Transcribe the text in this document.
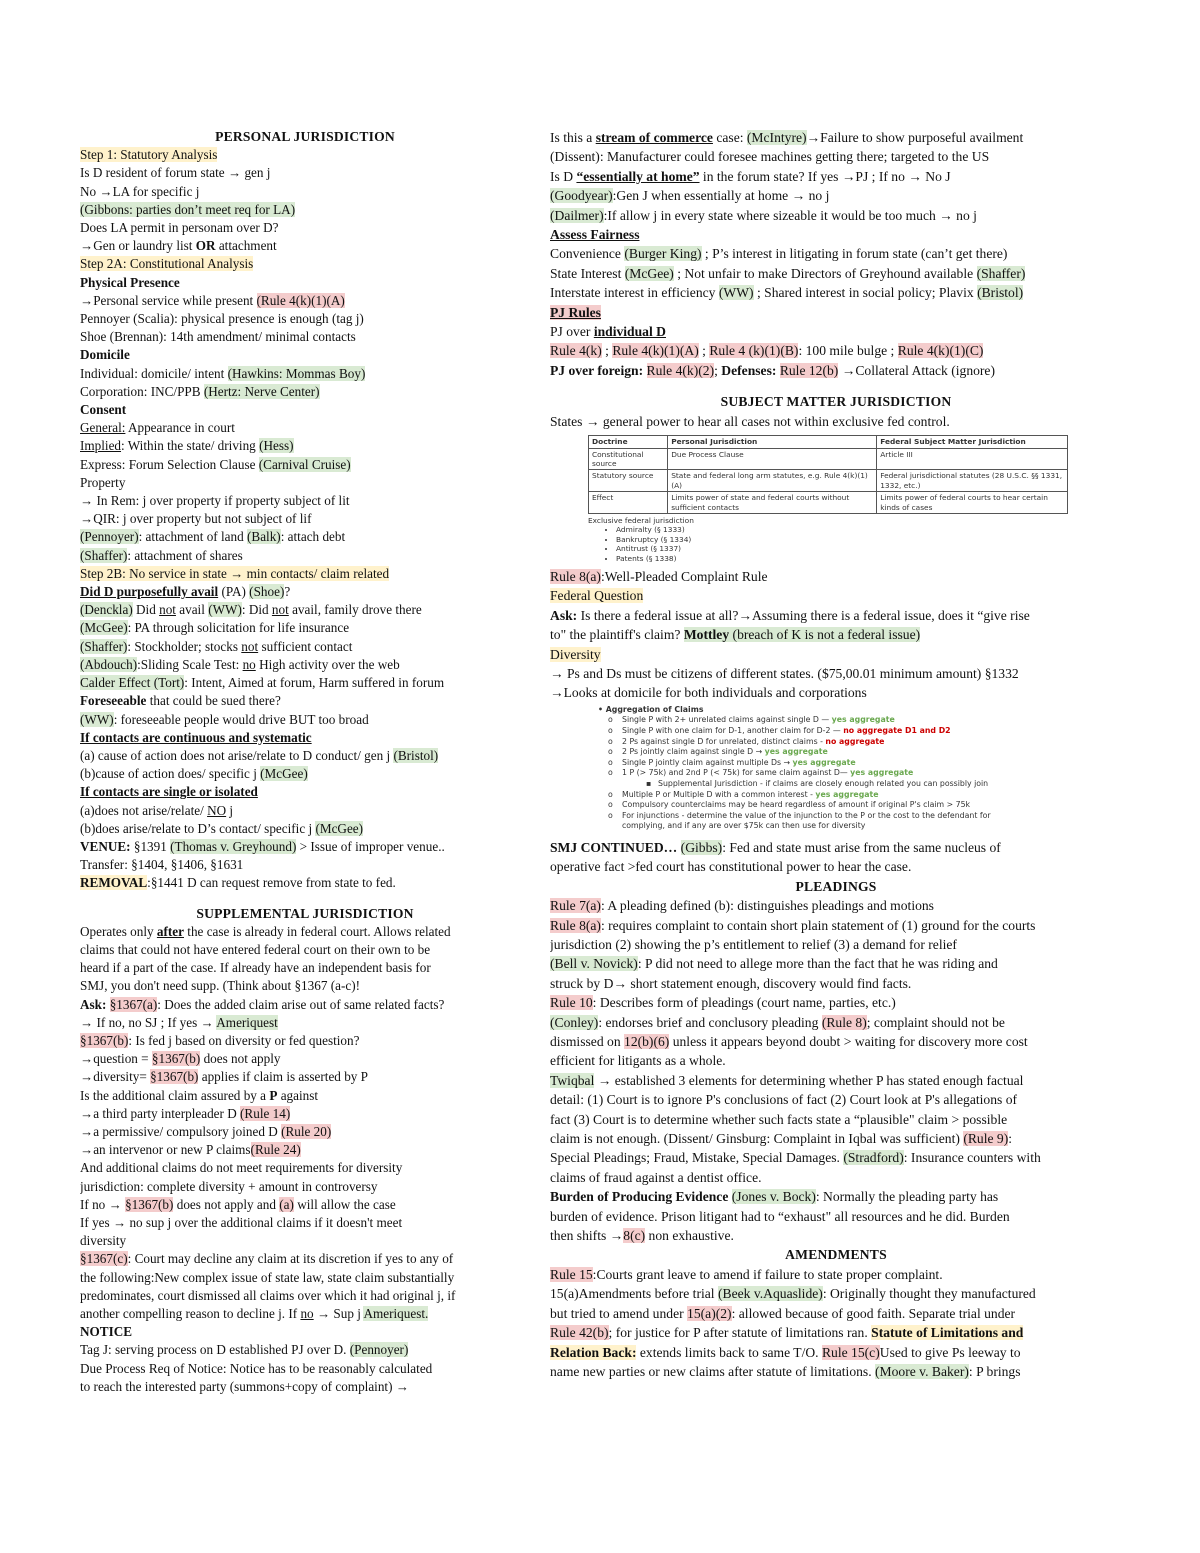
PERSONAL JURISDICTION
Step 1: Statutory Analysis
Is D resident of forum state → gen j
No →LA for specific j
(Gibbons: parties don’t meet req for LA)
Does LA permit in personam over D?
→Gen or laundry list OR attachment
Step 2A: Constitutional Analysis
Physical Presence
→Personal service while present (Rule 4(k)(1)(A)
Pennoyer (Scalia): physical presence is enough (tag j)
Shoe (Brennan): 14th amendment/ minimal contacts
Domicile
Individual: domicile/ intent (Hawkins: Mommas Boy)
Corporation: INC/PPB (Hertz: Nerve Center)
Consent
General: Appearance in court
Implied: Within the state/ driving (Hess)
Express: Forum Selection Clause (Carnival Cruise)
Property
→ In Rem: j over property if property subject of lit
→QIR: j over property but not subject of lif
(Pennoyer): attachment of land (Balk): attach debt
(Shaffer): attachment of shares
Step 2B: No service in state → min contacts/ claim related
Did D purposefully avail (PA) (Shoe)?
(Denckla) Did not avail (WW): Did not avail, family drove there
(McGee): PA through solicitation for life insurance
(Shaffer): Stockholder; stocks not sufficient contact
(Abdouch):Sliding Scale Test: no High activity over the web
Calder Effect (Tort): Intent, Aimed at forum, Harm suffered in forum
Foreseeable that could be sued there?
(WW): foreseeable people would drive BUT too broad
If contacts are continuous and systematic
(a) cause of action does not arise/relate to D conduct/ gen j (Bristol)
(b)cause of action does/ specific j (McGee)
If contacts are single or isolated
(a)does not arise/relate/ NO j
(b)does arise/relate to D’s contact/ specific j (McGee)
VENUE: §1391 (Thomas v. Greyhound) > Issue of improper venue..
Transfer: §1404, §1406, §1631
REMOVAL:§1441 D can request remove from state to fed.
SUPPLEMENTAL JURISDICTION
Operates only after the case is already in federal court. Allows related
claims that could not have entered federal court on their own to be
heard if a part of the case. If already have an independent basis for
SMJ, you don't need supp. (Think about §1367 (a-c)!
Ask: §1367(a): Does the added claim arise out of same related facts?
→ If no, no SJ ; If yes → Ameriquest
§1367(b): Is fed j based on diversity or fed question?
→question = §1367(b) does not apply
→diversity= §1367(b) applies if claim is asserted by P
Is the additional claim assured by a P against
→a third party interpleader D (Rule 14)
→a permissive/ compulsory joined D (Rule 20)
→an intervenor or new P claims(Rule 24)
And additional claims do not meet requirements for diversity
jurisdiction: complete diversity + amount in controversy
If no → §1367(b) does not apply and (a) will allow the case
If yes → no sup j over the additional claims if it doesn't meet
diversity
§1367(c): Court may decline any claim at its discretion if yes to any of
the following:New complex issue of state law, state claim substantially
predominates, court dismissed all claims over which it had original j, if
another compelling reason to decline j. If no → Sup j Ameriquest.
NOTICE
Tag J: serving process on D established PJ over D. (Pennoyer)
Due Process Req of Notice: Notice has to be reasonably calculated
to reach the interested party (summons+copy of complaint) →
Is this a stream of commerce case: (McIntyre)→Failure to show purposeful availment
(Dissent): Manufacturer could foresee machines getting there; targeted to the US
Is D “essentially at home” in the forum state? If yes →PJ ; If no → No J
(Goodyear):Gen J when essentially at home → no j
(Dailmer):If allow j in every state where sizeable it would be too much → no j
Assess Fairness
Convenience (Burger King) ; P’s interest in litigating in forum state (can’t get there)
State Interest (McGee) ; Not unfair to make Directors of Greyhound available (Shaffer)
Interstate interest in efficiency (WW) ; Shared interest in social policy; Plavix (Bristol)
PJ Rules
PJ over individual D
Rule 4(k) ; Rule 4(k)(1)(A) ; Rule 4 (k)(1)(B): 100 mile bulge ; Rule 4(k)(1)(C)
PJ over foreign: Rule 4(k)(2); Defenses: Rule 12(b) →Collateral Attack (ignore)
SUBJECT MATTER JURISDICTION
States → general power to hear all cases not within exclusive fed control.
Doctrine	Personal Jurisdiction	Federal Subject Matter Jurisdiction
Constitutional source	Due Process Clause	Article III
Statutory source	State and federal long arm statutes, e.g. Rule 4(k)(1)(A)	Federal jurisdictional statutes (28 U.S.C. §§ 1331, 1332, etc.)
Effect	Limits power of state and federal courts without sufficient contacts	Limits power of federal courts to hear certain kinds of cases
Exclusive federal jurisdiction
• Admiralty (§ 1333)
• Bankruptcy (§ 1334)
• Antitrust (§ 1337)
• Patents (§ 1338)
Rule 8(a):Well-Pleaded Complaint Rule
Federal Question
Ask: Is there a federal issue at all?→Assuming there is a federal issue, does it “give rise
to" the plaintiff's claim? Mottley (breach of K is not a federal issue)
Diversity
→ Ps and Ds must be citizens of different states. ($75,00.01 minimum amount) §1332
→Looks at domicile for both individuals and corporations
• Aggregation of Claims
o Single P with 2+ unrelated claims against single D — yes aggregate
o Single P with one claim for D-1, another claim for D-2 — no aggregate D1 and D2
o 2 Ps against single D for unrelated, distinct claims - no aggregate
o 2 Ps jointly claim against single D → yes aggregate
o Single P jointly claim against multiple Ds → yes aggregate
o 1 P (> 75k) and 2nd P (< 75k) for same claim against D— yes aggregate
▪ Supplemental Jurisdiction - if claims are closely enough related you can possibly join
o Multiple P or Multiple D with a common interest - yes aggregate
o Compulsory counterclaims may be heard regardless of amount if original P's claim > 75k
o For injunctions - determine the value of the injunction to the P or the cost to the defendant for
complying, and if any are over $75k can then use for diversity
SMJ CONTINUED… (Gibbs): Fed and state must arise from the same nucleus of
operative fact >fed court has constitutional power to hear the case.
PLEADINGS
Rule 7(a): A pleading defined (b): distinguishes pleadings and motions
Rule 8(a): requires complaint to contain short plain statement of (1) ground for the courts
jurisdiction (2) showing the p’s entitlement to relief (3) a demand for relief
(Bell v. Novick): P did not need to allege more than the fact that he was riding and
struck by D→ short statement enough, discovery would find facts.
Rule 10: Describes form of pleadings (court name, parties, etc.)
(Conley): endorses brief and conclusory pleading (Rule 8); complaint should not be
dismissed on 12(b)(6) unless it appears beyond doubt > waiting for discovery more cost
efficient for litigants as a whole.
Twiqbal → established 3 elements for determining whether P has stated enough factual
detail: (1) Court is to ignore P's conclusions of fact (2) Court look at P's allegations of
fact (3) Court is to determine whether such facts state a “plausible" claim > possible
claim is not enough. (Dissent/ Ginsburg: Complaint in Iqbal was sufficient) (Rule 9):
Special Pleadings; Fraud, Mistake, Special Damages. (Stradford): Insurance counters with
claims of fraud against a dentist office.
Burden of Producing Evidence (Jones v. Bock): Normally the pleading party has
burden of evidence. Prison litigant had to “exhaust" all resources and he did. Burden
then shifts →8(c) non exhaustive.
AMENDMENTS
Rule 15:Courts grant leave to amend if failure to state proper complaint.
15(a)Amendments before trial (Beek v.Aquaslide): Originally thought they manufactured
but tried to amend under 15(a)(2): allowed because of good faith. Separate trial under
Rule 42(b); for justice for P after statute of limitations ran. Statute of Limitations and
Relation Back: extends limits back to same T/O. Rule 15(c)Used to give Ps leeway to
name new parties or new claims after statute of limitations. (Moore v. Baker): P brings
